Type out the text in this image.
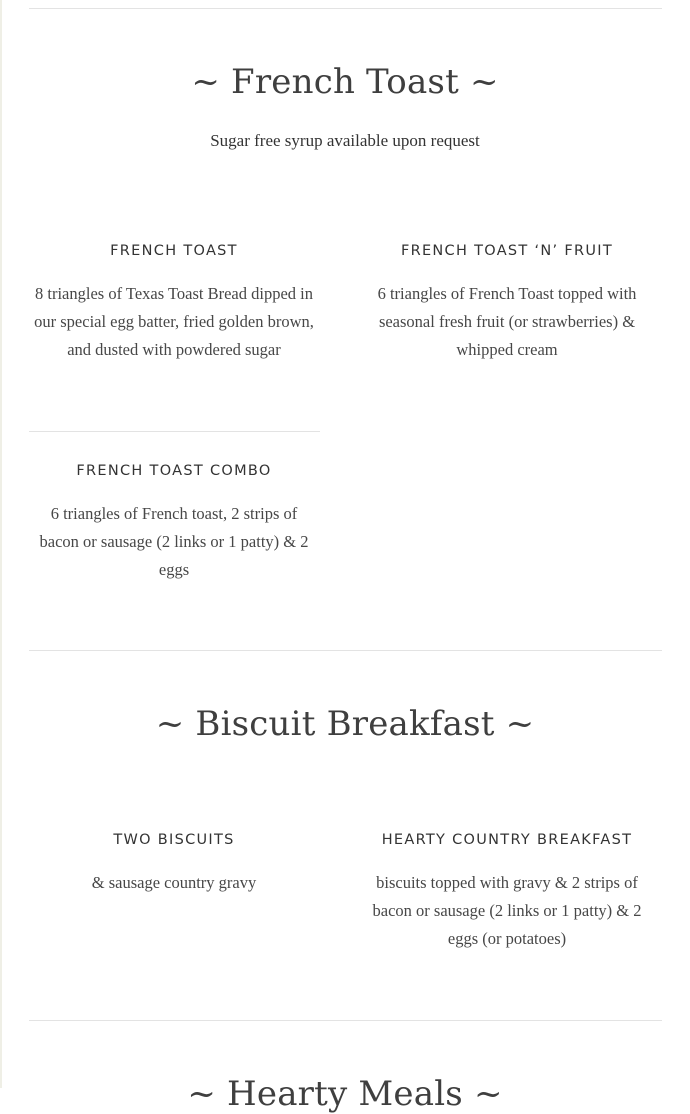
~ French Toast ~
Sugar free syrup available upon request
FRENCH TOAST
8 triangles of Texas Toast Bread dipped in our special egg batter, fried golden brown, and dusted with powdered sugar
FRENCH TOAST ‘N’ FRUIT
6 triangles of French Toast topped with seasonal fresh fruit (or strawberries) & whipped cream
FRENCH TOAST COMBO
6 triangles of French toast, 2 strips of bacon or sausage (2 links or 1 patty) & 2 eggs
~ Biscuit Breakfast ~
TWO BISCUITS
& sausage country gravy
HEARTY COUNTRY BREAKFAST
biscuits topped with gravy & 2 strips of bacon or sausage (2 links or 1 patty) & 2 eggs (or potatoes)
~ Hearty Meals ~
